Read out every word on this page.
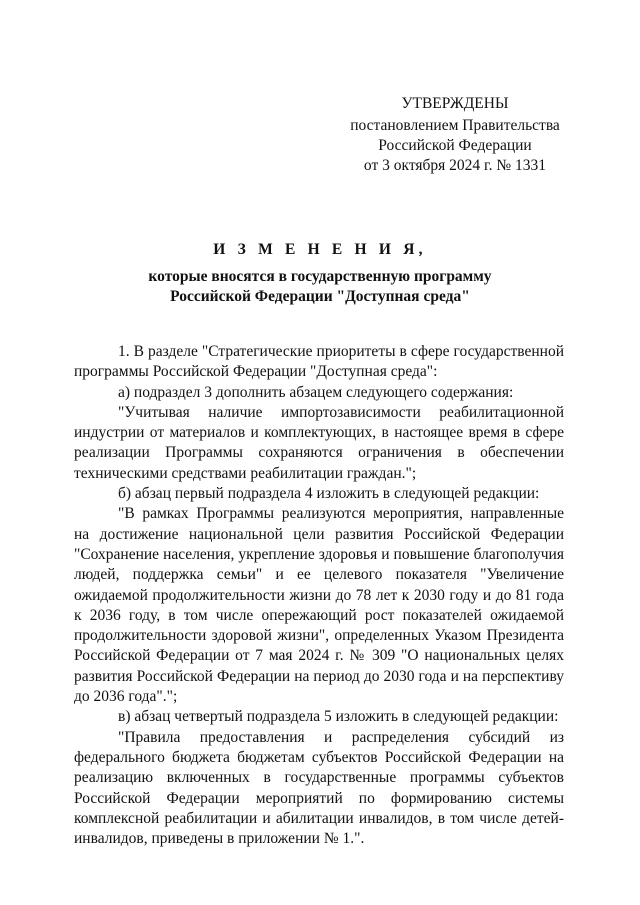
УТВЕРЖДЕНЫ
постановлением Правительства
Российской Федерации
от 3 октября 2024 г. № 1331
И З М Е Н Е Н И Я,
которые вносятся в государственную программу
Российской Федерации "Доступная среда"

1. В разделе "Стратегические приоритеты в сфере государственной программы Российской Федерации "Доступная среда":

а) подраздел 3 дополнить абзацем следующего содержания:

"Учитывая наличие импортозависимости реабилитационной индустрии от материалов и комплектующих, в настоящее время в сфере реализации Программы сохраняются ограничения в обеспечении техническими средствами реабилитации граждан.";

б) абзац первый подраздела 4 изложить в следующей редакции:

"В рамках Программы реализуются мероприятия, направленные на достижение национальной цели развития Российской Федерации "Сохранение населения, укрепление здоровья и повышение благополучия людей, поддержка семьи" и ее целевого показателя "Увеличение ожидаемой продолжительности жизни до 78 лет к 2030 году и до 81 года к 2036 году, в том числе опережающий рост показателей ожидаемой продолжительности здоровой жизни", определенных Указом Президента Российской Федерации от 7 мая 2024 г. № 309 "О национальных целях развития Российской Федерации на период до 2030 года и на перспективу до 2036 года".";

в) абзац четвертый подраздела 5 изложить в следующей редакции:

"Правила предоставления и распределения субсидий из федерального бюджета бюджетам субъектов Российской Федерации на реализацию включенных в государственные программы субъектов Российской Федерации мероприятий по формированию системы комплексной реабилитации и абилитации инвалидов, в том числе детей-инвалидов, приведены в приложении № 1.".
